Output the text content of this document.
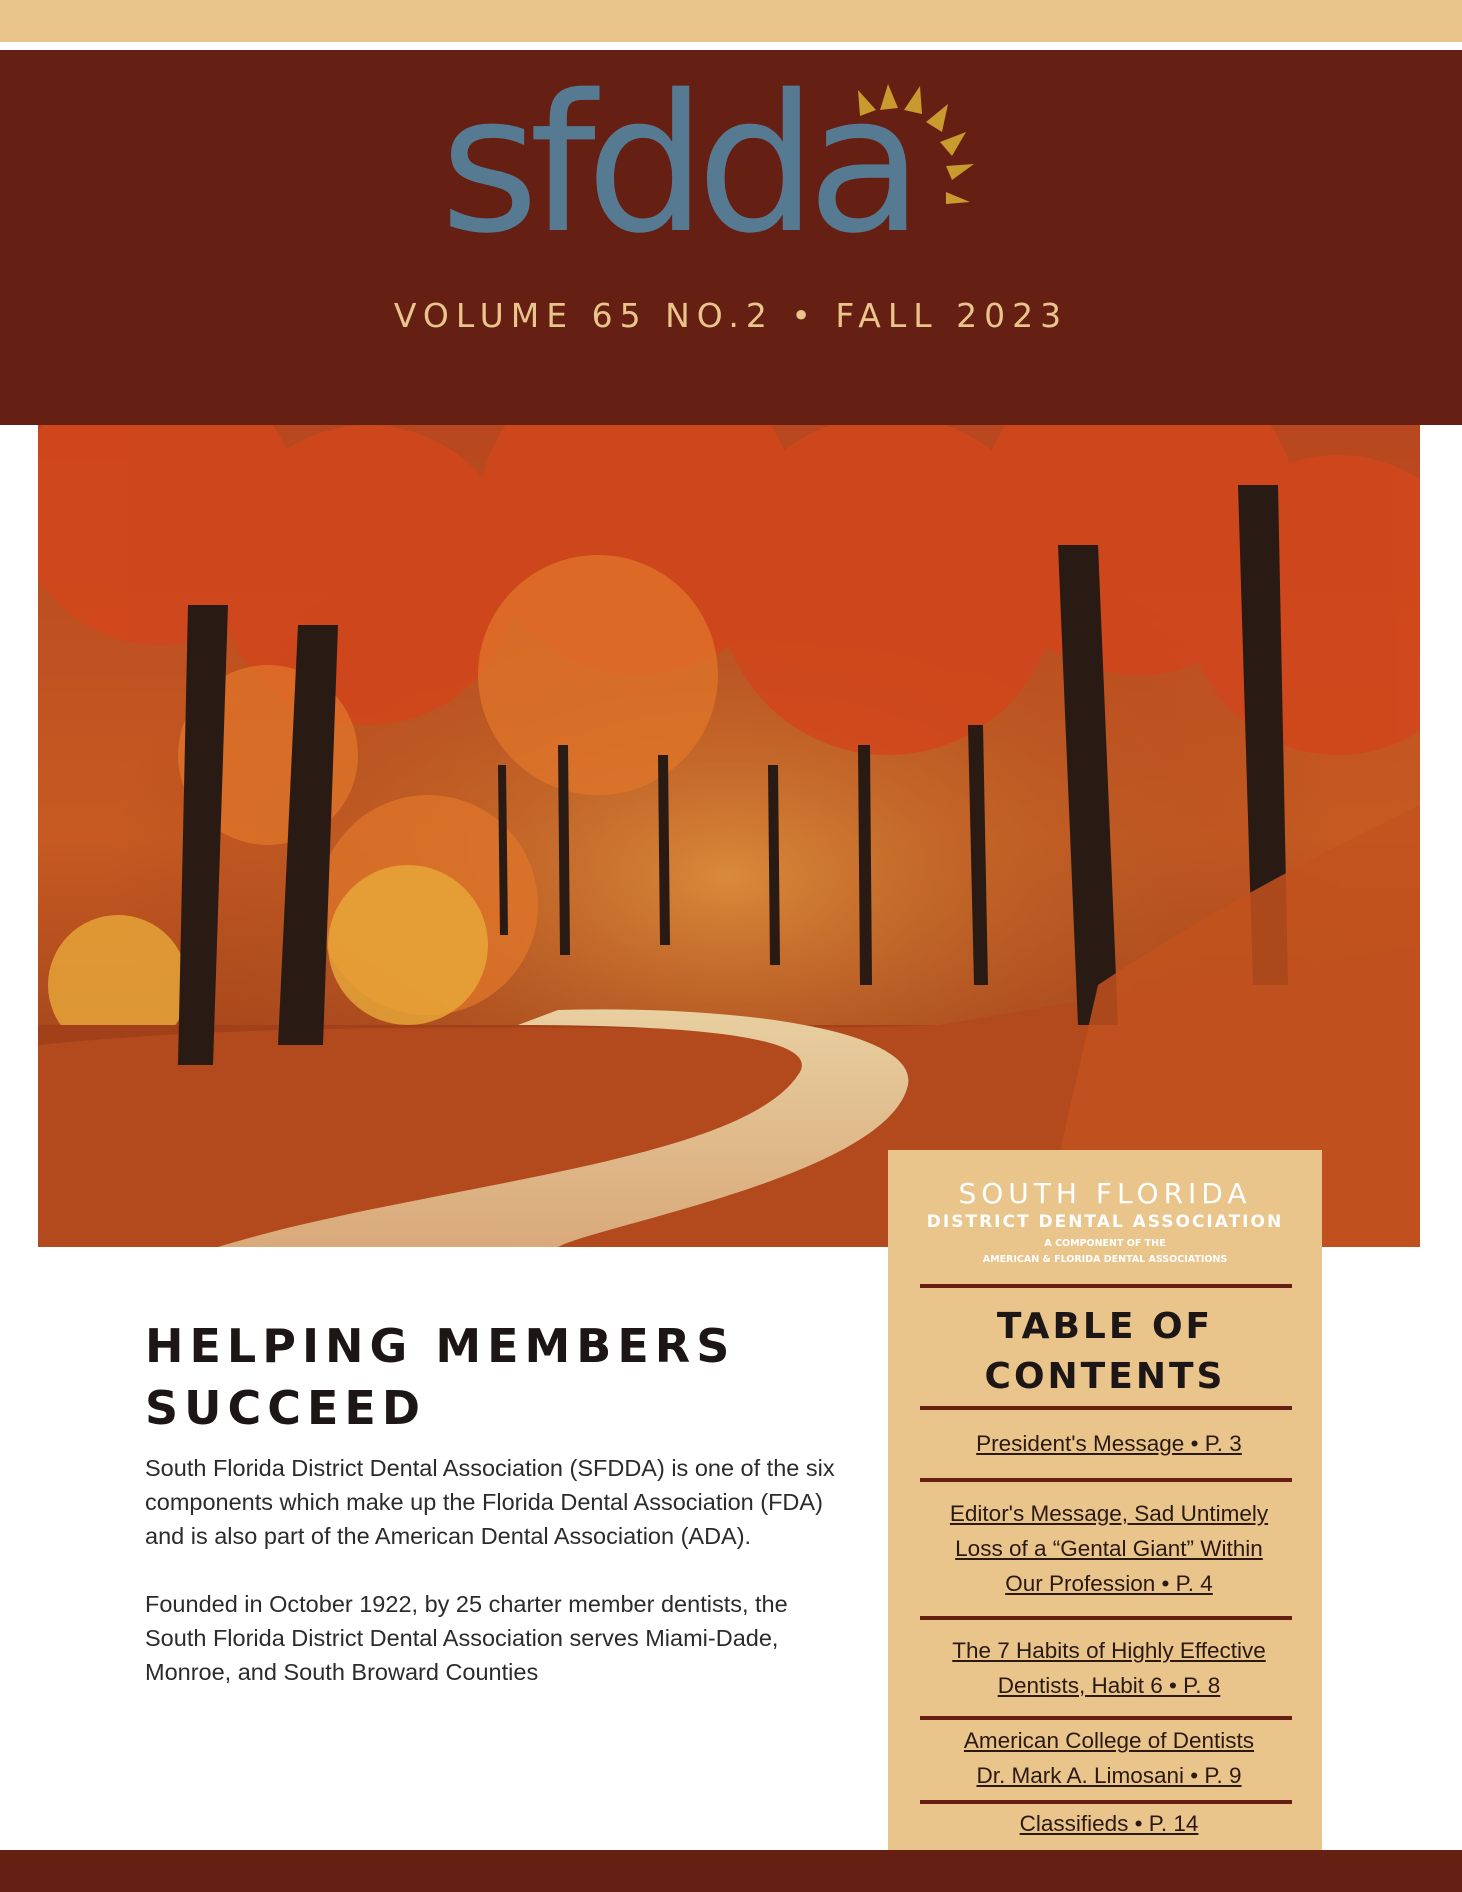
sfdda
VOLUME 65 NO.2 • FALL 2023
HELPING MEMBERS
SUCCEED

South Florida District Dental Association (SFDDA) is one of the six components which make up the Florida Dental Association (FDA) and is also part of the American Dental Association (ADA).

Founded in October 1922, by 25 charter member dentists, the South Florida District Dental Association serves Miami-Dade, Monroe, and South Broward Counties

SOUTH FLORIDA
DISTRICT DENTAL ASSOCIATION
A COMPONENT OF THE
AMERICAN & FLORIDA DENTAL ASSOCIATIONS
TABLE OF
CONTENTS
President's Message • P. 3
Editor's Message, Sad Untimely
Loss of a “Gental Giant” Within
Our Profession • P. 4
The 7 Habits of Highly Effective
Dentists, Habit 6 • P. 8
American College of Dentists
Dr. Mark A. Limosani • P. 9
Classifieds • P. 14
